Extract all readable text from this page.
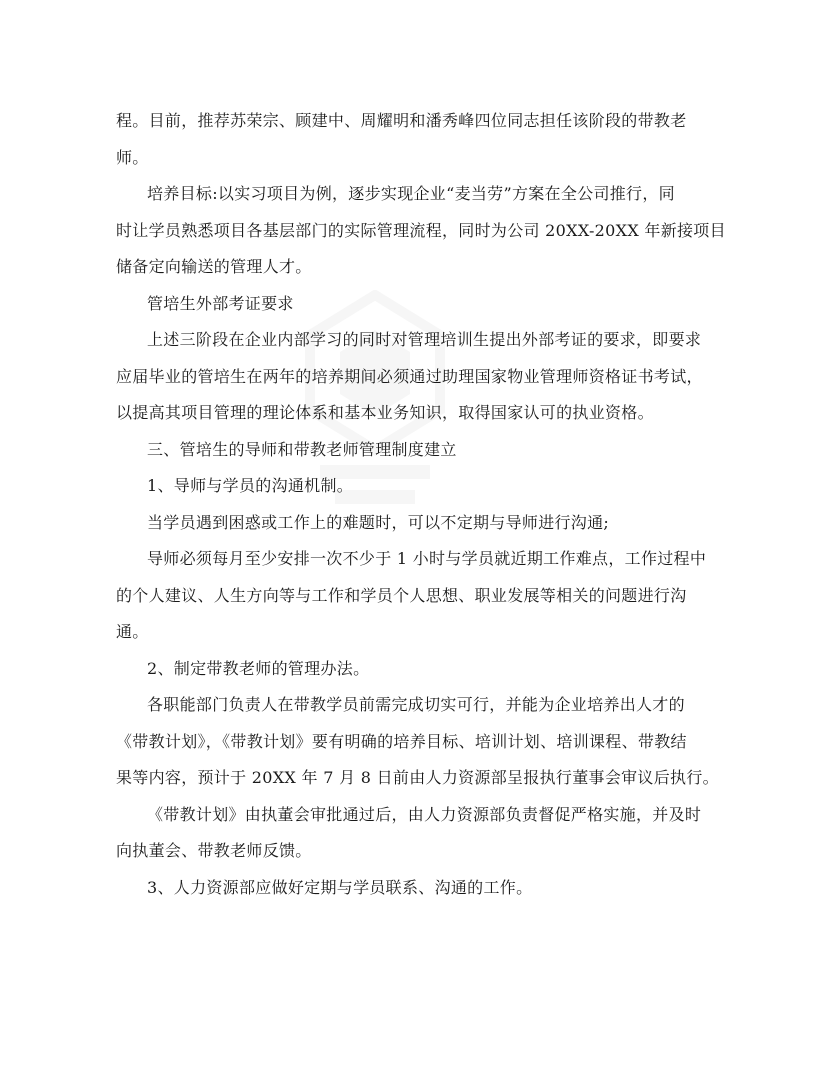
程。目前，推荐苏荣宗、顾建中、周耀明和潘秀峰四位同志担任该阶段的带教老
师。
培养目标:以实习项目为例，逐步实现企业“麦当劳”方案在全公司推行，同
时让学员熟悉项目各基层部门的实际管理流程，同时为公司 20XX-20XX 年新接项目
储备定向输送的管理人才。
管培生外部考证要求
上述三阶段在企业内部学习的同时对管理培训生提出外部考证的要求，即要求
应届毕业的管培生在两年的培养期间必须通过助理国家物业管理师资格证书考试，
以提高其项目管理的理论体系和基本业务知识，取得国家认可的执业资格。
三、管培生的导师和带教老师管理制度建立
1、导师与学员的沟通机制。
当学员遇到困惑或工作上的难题时，可以不定期与导师进行沟通;
导师必须每月至少安排一次不少于 1 小时与学员就近期工作难点，工作过程中
的个人建议、人生方向等与工作和学员个人思想、职业发展等相关的问题进行沟
通。
2、制定带教老师的管理办法。
各职能部门负责人在带教学员前需完成切实可行，并能为企业培养出人才的
《带教计划》，《带教计划》要有明确的培养目标、培训计划、培训课程、带教结
果等内容，预计于 20XX 年 7 月 8 日前由人力资源部呈报执行董事会审议后执行。
《带教计划》由执董会审批通过后，由人力资源部负责督促严格实施，并及时
向执董会、带教老师反馈。
3、人力资源部应做好定期与学员联系、沟通的工作。
